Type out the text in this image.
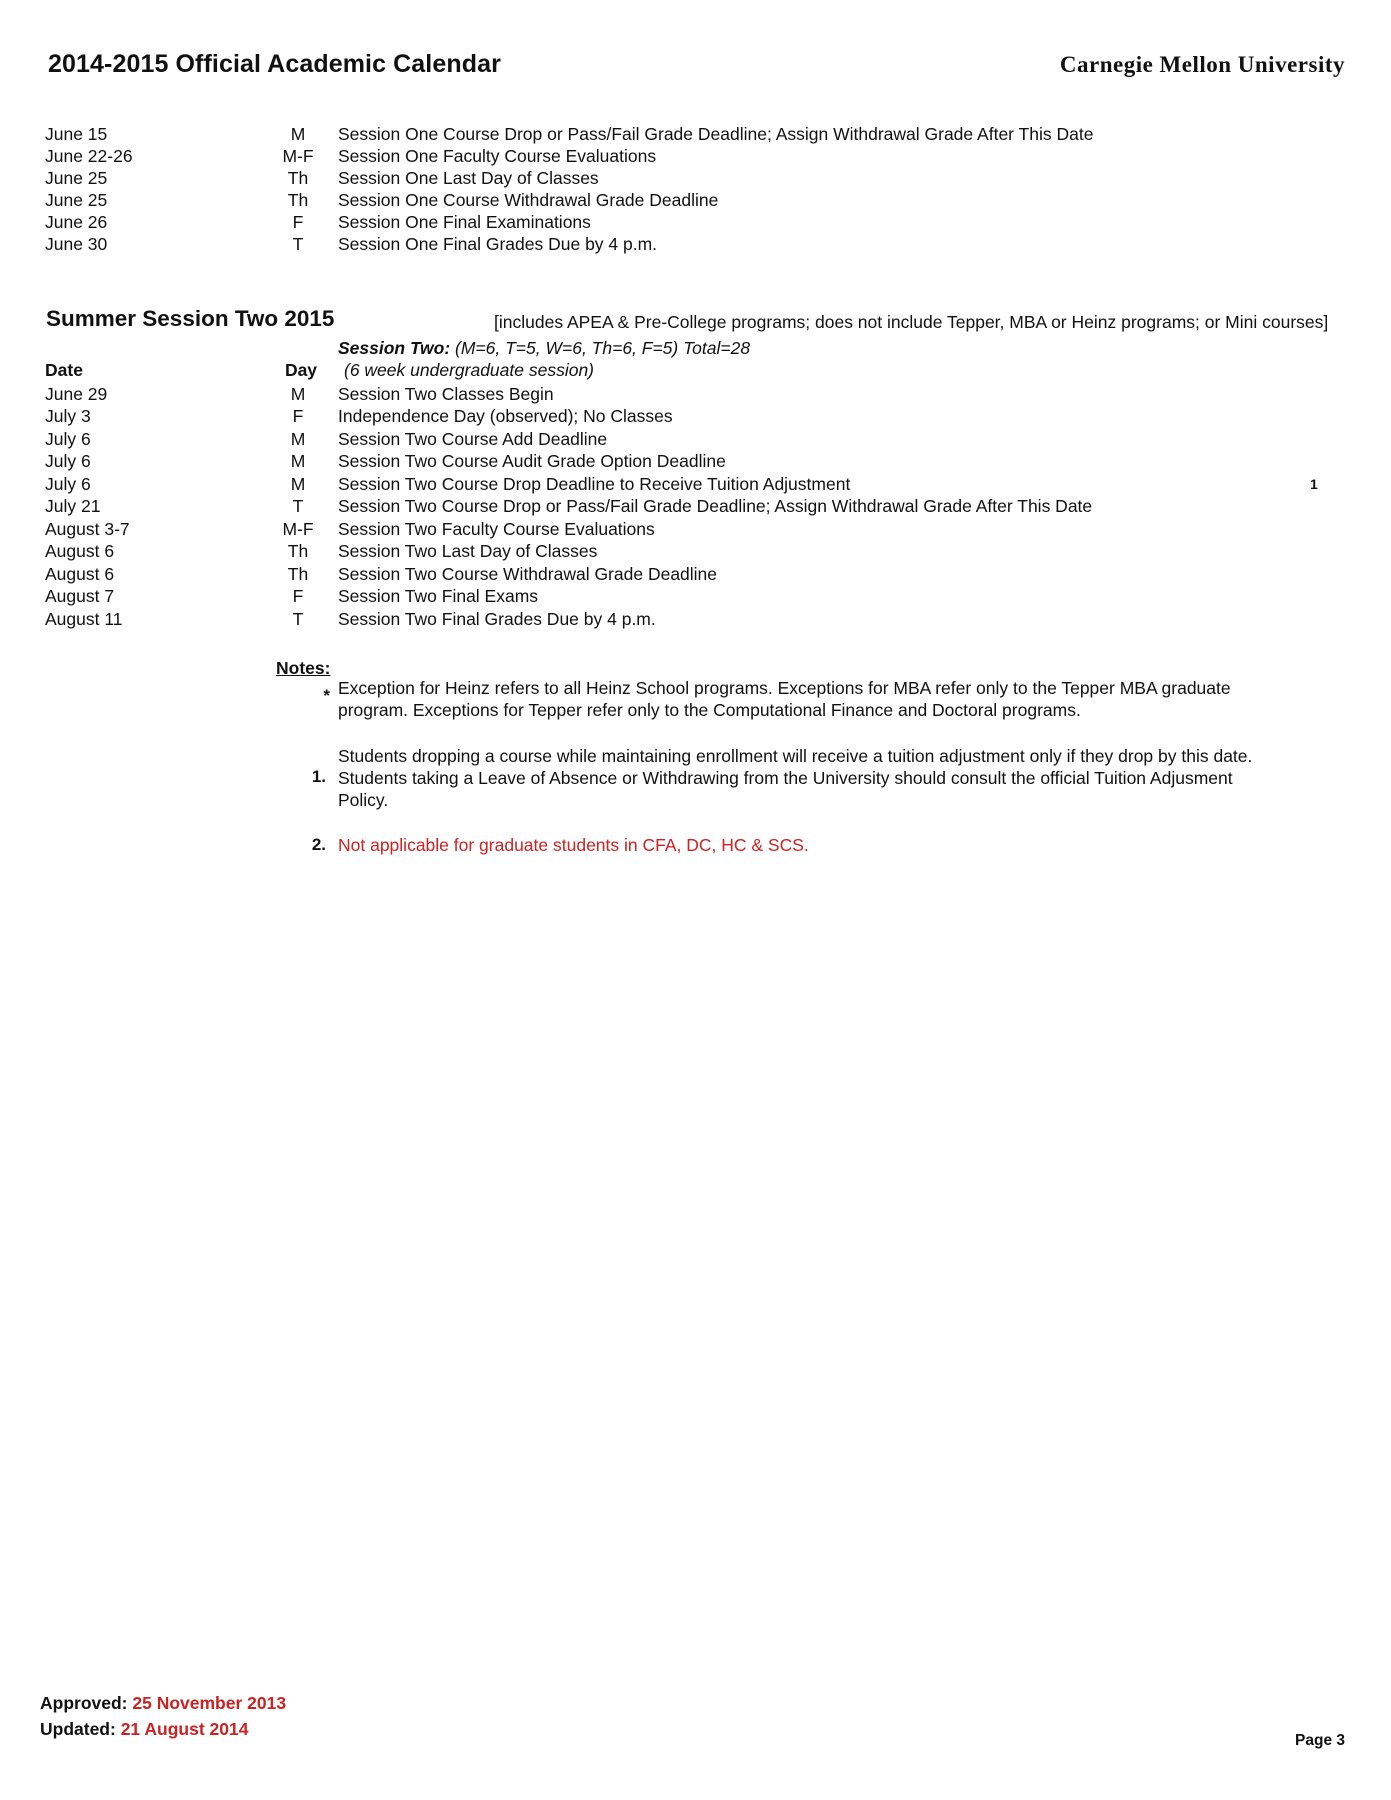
2014-2015 Official Academic Calendar	Carnegie Mellon University
June 15	M	Session One Course Drop or Pass/Fail Grade Deadline; Assign Withdrawal Grade After This Date
June 22-26	M-F	Session One Faculty Course Evaluations
June 25	Th	Session One Last Day of Classes
June 25	Th	Session One Course Withdrawal Grade Deadline
June 26	F	Session One Final Examinations
June 30	T	Session One Final Grades Due by 4 p.m.
Summer Session Two 2015	[includes APEA & Pre-College programs; does not include Tepper, MBA or Heinz programs; or Mini courses]
Session Two: (M=6, T=5, W=6, Th=6, F=5) Total=28
Date	Day	(6 week undergraduate session)
June 29	M	Session Two Classes Begin
July 3	F	Independence Day (observed); No Classes
July 6	M	Session Two Course Add Deadline
July 6	M	Session Two Course Audit Grade Option Deadline
July 6	M	Session Two Course Drop Deadline to Receive Tuition Adjustment	1
July 21	T	Session Two Course Drop or Pass/Fail Grade Deadline; Assign Withdrawal Grade After This Date
August 3-7	M-F	Session Two Faculty Course Evaluations
August 6	Th	Session Two Last Day of Classes
August 6	Th	Session Two Course Withdrawal Grade Deadline
August 7	F	Session Two Final Exams
August 11	T	Session Two Final Grades Due by 4 p.m.
Notes:
* Exception for Heinz refers to all Heinz School programs. Exceptions for MBA refer only to the Tepper MBA graduate program. Exceptions for Tepper refer only to the Computational Finance and Doctoral programs.
1.
Students dropping a course while maintaining enrollment will receive a tuition adjustment only if they drop by this date. Students taking a Leave of Absence or Withdrawing from the University should consult the official Tuition Adjusment Policy.
2. Not applicable for graduate students in CFA, DC, HC & SCS.
Approved: 25 November 2013
Updated: 21 August 2014
Page 3
